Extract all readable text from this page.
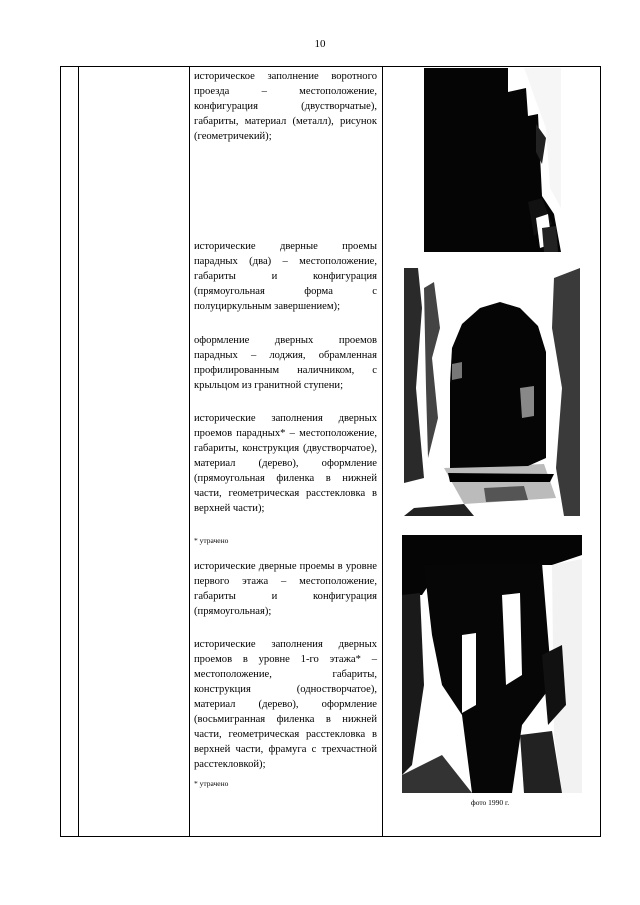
10
историческое заполнение воротного проезда – местоположение, конфигурация (двустворчатые), габариты, материал (металл), рисунок (геометричекий);
исторические дверные проемы парадных (два) – местоположение, габариты и конфигурация (прямоугольная форма с полуциркульным завершением);
оформление дверных проемов парадных – лоджия, обрамленная профилированным наличником, с крыльцом из гранитной ступени;
исторические заполнения дверных проемов парадных* – местоположение, габариты, конструкция (двустворчатое), материал (дерево), оформление (прямоугольная филенка в нижней части, геометрическая расстекловка в верхней части);
* утрачено
исторические дверные проемы в уровне первого этажа – местоположение, габариты и конфигурация (прямоугольная);
исторические заполнения дверных проемов в уровне 1-го этажа* – местоположение, габариты, конструкция (одностворчатое), материал (дерево), оформление (восьмигранная филенка в нижней части, геометрическая расстекловка в верхней части, фрамуга с трехчастной расстекловкой);
* утрачено
фото 1990 г.
